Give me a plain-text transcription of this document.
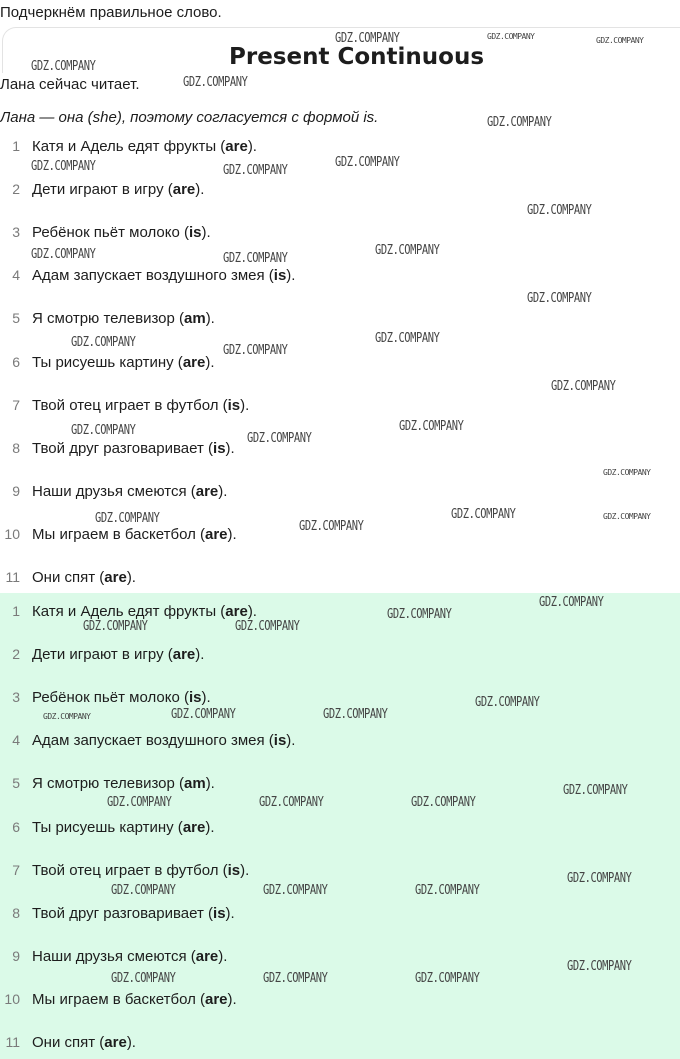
Подчеркнём правильное слово.
Present Continuous
Лана сейчас читает.
Лана — она (she), поэтому согласуется с формой is.
1 Катя и Адель едят фрукты (are).
2 Дети играют в игру (are).
3 Ребёнок пьёт молоко (is).
4 Адам запускает воздушного змея (is).
5 Я смотрю телевизор (am).
6 Ты рисуешь картину (are).
7 Твой отец играет в футбол (is).
8 Твой друг разговаривает (is).
9 Наши друзья смеются (are).
10 Мы играем в баскетбол (are).
11 Они спят (are).
1 Катя и Адель едят фрукты (are).
2 Дети играют в игру (are).
3 Ребёнок пьёт молоко (is).
4 Адам запускает воздушного змея (is).
5 Я смотрю телевизор (am).
6 Ты рисуешь картину (are).
7 Твой отец играет в футбол (is).
8 Твой друг разговаривает (is).
9 Наши друзья смеются (are).
10 Мы играем в баскетбол (are).
11 Они спят (are).
GDZ.COMPANY	GDZ.COMPANY	GDZ.COMPANY
GDZ.COMPANY
GDZ.COMPANY
GDZ.COMPANY
GDZ.COMPANY	GDZ.COMPANY
GDZ.COMPANY
GDZ.COMPANY
GDZ.COMPANY	GDZ.COMPANY
GDZ.COMPANY
GDZ.COMPANY
GDZ.COMPANY
GDZ.COMPANY
GDZ.COMPANY
GDZ.COMPANY
GDZ.COMPANY
GDZ.COMPANY
GDZ.COMPANY
GDZ.COMPANY
GDZ.COMPANY
GDZ.COMPANY
GDZ.COMPANY	GDZ.COMPANY
GDZ.COMPANY
GDZ.COMPANY	GDZ.COMPANY
GDZ.COMPANY
GDZ.COMPANY
GDZ.COMPANY	GDZ.COMPANY	GDZ.COMPANY
GDZ.COMPANY
GDZ.COMPANY	GDZ.COMPANY	GDZ.COMPANY
GDZ.COMPANY
GDZ.COMPANY	GDZ.COMPANY	GDZ.COMPANY
GDZ.COMPANY
GDZ.COMPANY	GDZ.COMPANY	GDZ.COMPANY
